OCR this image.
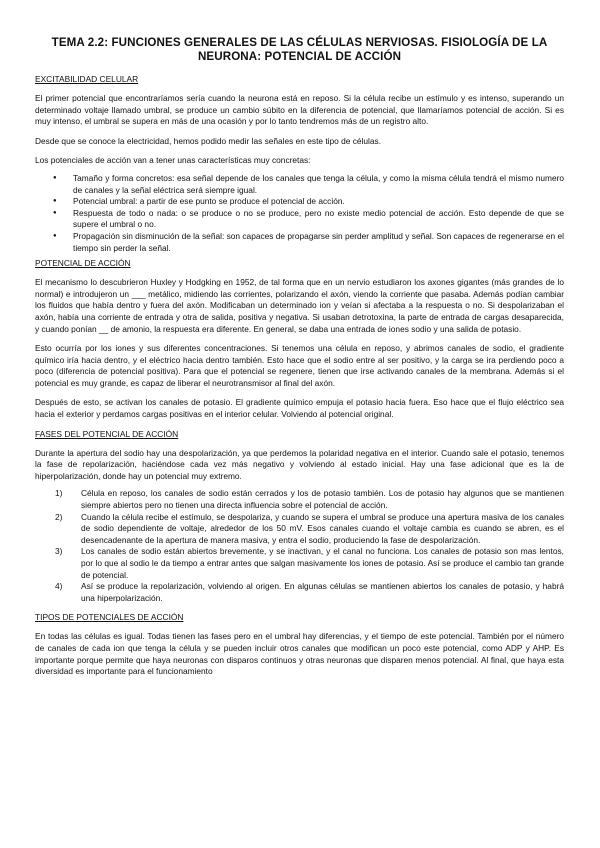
TEMA 2.2: FUNCIONES GENERALES DE LAS CÉLULAS NERVIOSAS. FISIOLOGÍA DE LA NEURONA: POTENCIAL DE ACCIÓN
EXCITABILIDAD CELULAR

El primer potencial que encontraríamos sería cuando la neurona está en reposo. Si la célula recibe un estímulo y es intenso, superando un determinado voltaje llamado umbral, se produce un cambio súbito en la diferencia de potencial, que llamaríamos potencial de acción. Si es muy intenso, el umbral se supera en más de una ocasión y por lo tanto tendremos más de un registro alto.

Desde que se conoce la electricidad, hemos podido medir las señales en este tipo de células.

Los potenciales de acción van a tener unas características muy concretas:

● Tamaño y forma concretos: esa señal depende de los canales que tenga la célula, y como la misma célula tendrá el mismo numero de canales y la señal eléctrica será siempre igual.
● Potencial umbral: a partir de ese punto se produce el potencial de acción.
● Respuesta de todo o nada: o se produce o no se produce, pero no existe medio potencial de acción. Esto depende de que se supere el umbral o no.
● Propagación sin disminución de la señal: son capaces de propagarse sin perder amplitud y señal. Son capaces de regenerarse en el tiempo sin perder la señal.
POTENCIAL DE ACCIÓN

El mecanismo lo descubrieron Huxley y Hodgking en 1952, de tal forma que en un nervio estudiaron los axones gigantes (más grandes de lo normal) e introdujeron un ___ metálico, midiendo las corrientes, polarizando el axón, viendo la corriente que pasaba. Además podían cambiar los fluidos que había dentro y fuera del axón. Modificaban un determinado ion y veían si afectaba a la respuesta o no. Si despolarizaban el axón, había una corriente de entrada y otra de salida, positiva y negativa. Si usaban detrotoxina, la parte de entrada de cargas desaparecida, y cuando ponían __ de amonio, la respuesta era diferente. En general, se daba una entrada de iones sodio y una salida de potasio.

Esto ocurría por los iones y sus diferentes concentraciones. Si tenemos una célula en reposo, y abrimos canales de sodio, el gradiente químico iría hacia dentro, y el eléctrico hacia dentro también. Esto hace que el sodio entre al ser positivo, y la carga se ira perdiendo poco a poco (diferencia de potencial positiva). Para que el potencial se regenere, tienen que irse activando canales de la membrana. Además si el potencial es muy grande, es capaz de liberar el neurotransmisor al final del axón.

Después de esto, se activan los canales de potasio. El gradiente químico empuja el potasio hacia fuera. Eso hace que el flujo eléctrico sea hacia el exterior y perdamos cargas positivas en el interior celular. Volviendo al potencial original.

FASES DEL POTENCIAL DE ACCIÓN

Durante la apertura del sodio hay una despolarización, ya que perdemos la polaridad negativa en el interior. Cuando sale el potasio, tenemos la fase de repolarización, haciéndose cada vez más negativo y volviendo al estado inicial. Hay una fase adicional que es la de hiperpolarización, donde hay un potencial muy extremo.

1) Célula en reposo, los canales de sodio están cerrados y los de potasio también. Los de potasio hay algunos que se mantienen siempre abiertos pero no tienen una directa influencia sobre el potencial de acción.
2) Cuando la célula recibe el estímulo, se despolariza, y cuando se supera el umbral se produce una apertura masiva de los canales de sodio dependiente de voltaje, alrededor de los 50 mV. Esos canales cuando el voltaje cambia es cuando se abren, es el desencadenante de la apertura de manera masiva, y entra el sodio, produciendo la fase de despolarización.
3) Los canales de sodio están abiertos brevemente, y se inactivan, y el canal no funciona. Los canales de potasio son mas lentos, por lo que al sodio le da tiempo a entrar antes que salgan masivamente los iones de potasio. Así se produce el cambio tan grande de potencial.
4) Así se produce la repolarización, volviendo al origen. En algunas células se mantienen abiertos los canales de potasio, y habrá una hiperpolarización.
TIPOS DE POTENCIALES DE ACCIÓN

En todas las células es igual. Todas tienen las fases pero en el umbral hay diferencias, y el tiempo de este potencial. También por el número de canales de cada ion que tenga la célula y se pueden incluir otros canales que modifican un poco este potencial, como ADP y AHP. Es importante porque permite que haya neuronas con disparos continuos y otras neuronas que disparen menos potencial. Al final, que haya esta diversidad es importante para el funcionamiento
